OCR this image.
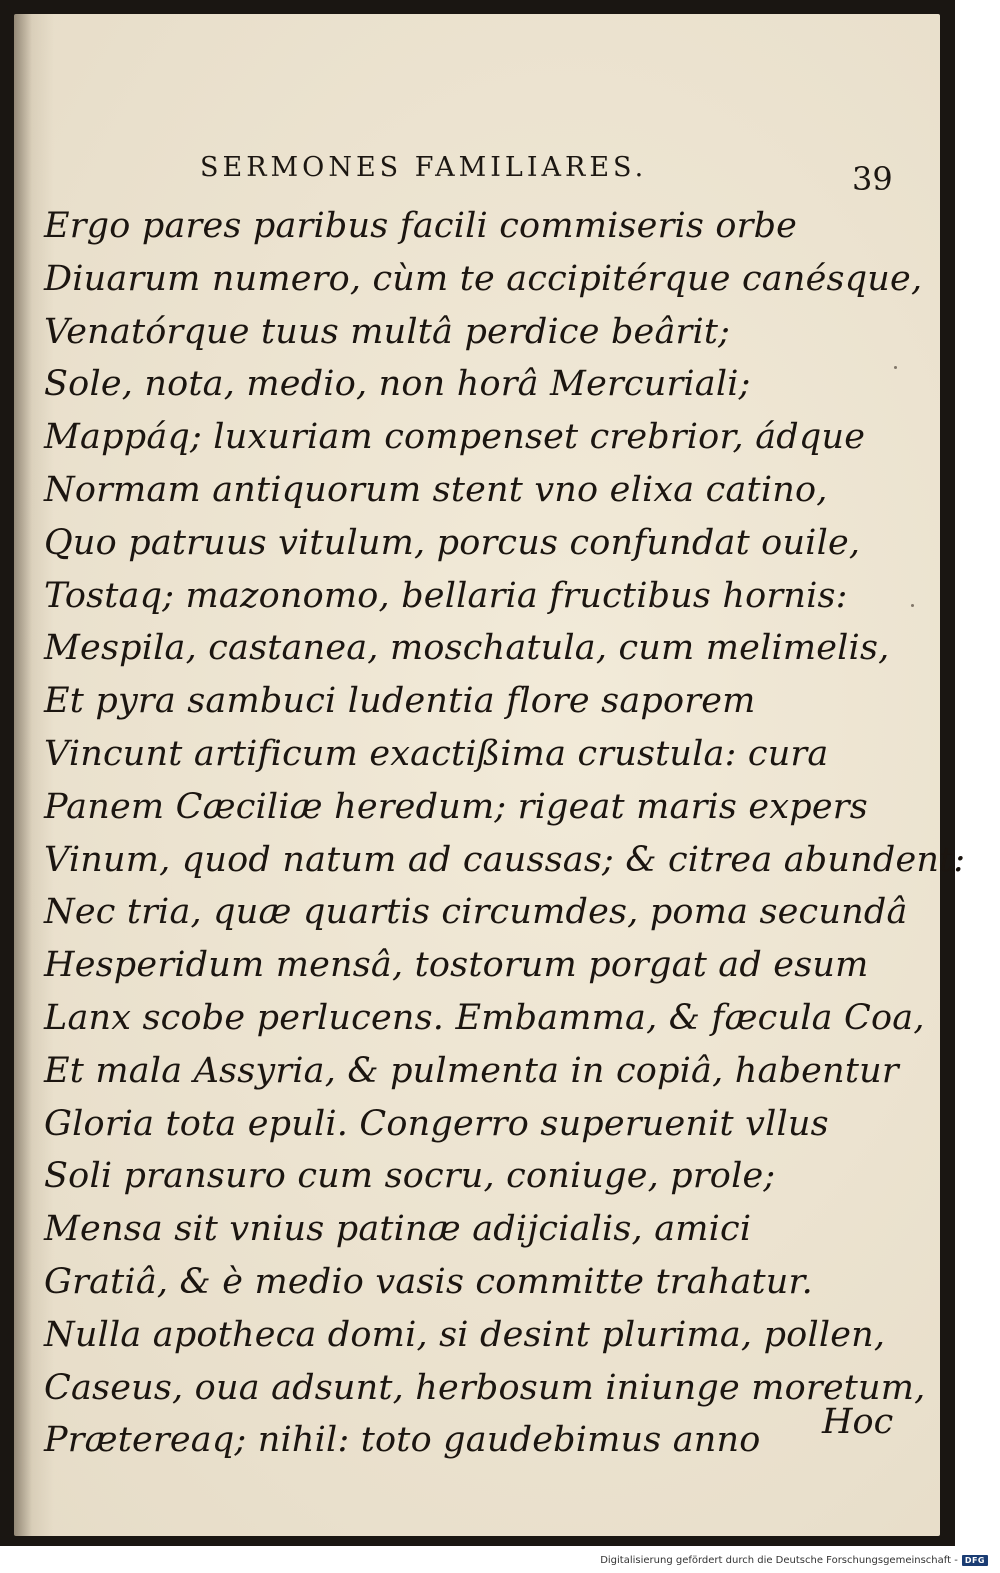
SERMONES FAMILIARES.	39
Ergo pares paribus facili commiseris orbe
Diuarum numero, cùm te accipitérque canésque,
Venatórque tuus multâ perdice beârit;
Sole, nota, medio, non horâ Mercuriali;
Mappáq; luxuriam compenset crebrior, ádque
Normam antiquorum stent vno elixa catino,
Quo patruus vitulum, porcus confundat ouile,
Tostaq; mazonomo, bellaria fructibus hornis:
Mespila, castanea, moschatula, cum melimelis,
Et pyra sambuci ludentia flore saporem
Vincunt artificum exactißima crustula: cura
Panem Cæciliæ heredum; rigeat maris expers
Vinum, quod natum ad caussas; & citrea abundent:
Nec tria, quæ quartis circumdes, poma secundâ
Hesperidum mensâ, tostorum porgat ad esum
Lanx scobe perlucens. Embamma, & fæcula Coa,
Et mala Assyria, & pulmenta in copiâ, habentur
Gloria tota epuli. Congerro superuenit vllus
Soli pransuro cum socru, coniuge, prole;
Mensa sit vnius patinæ adijcialis, amici
Gratiâ, & è medio vasis committe trahatur.
Nulla apotheca domi, si desint plurima, pollen,
Caseus, oua adsunt, herbosum iniunge moretum,
Prætereaq; nihil: toto gaudebimus anno	Hoc
Digitalisierung gefördert durch die Deutsche Forschungsgemeinschaft - DFG
